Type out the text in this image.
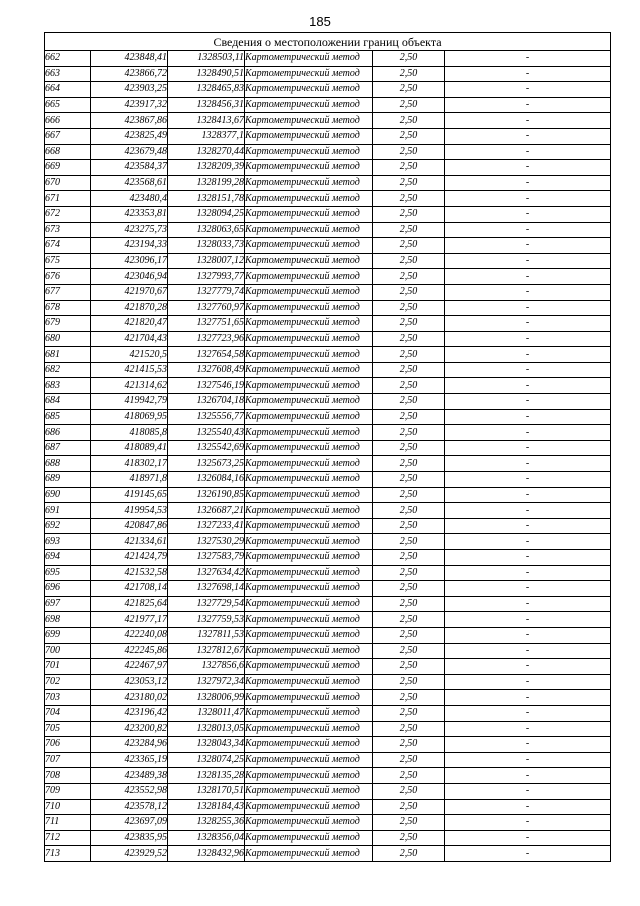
185
Сведения о местоположении границ объекта					
662	423848,41	1328503,11	Картометрический метод	2,50	-
663	423866,72	1328490,51	Картометрический метод	2,50	-
664	423903,25	1328465,83	Картометрический метод	2,50	-
665	423917,32	1328456,31	Картометрический метод	2,50	-
666	423867,86	1328413,67	Картометрический метод	2,50	-
667	423825,49	1328377,1	Картометрический метод	2,50	-
668	423679,48	1328270,44	Картометрический метод	2,50	-
669	423584,37	1328209,39	Картометрический метод	2,50	-
670	423568,61	1328199,28	Картометрический метод	2,50	-
671	423480,4	1328151,78	Картометрический метод	2,50	-
672	423353,81	1328094,25	Картометрический метод	2,50	-
673	423275,73	1328063,65	Картометрический метод	2,50	-
674	423194,33	1328033,73	Картометрический метод	2,50	-
675	423096,17	1328007,12	Картометрический метод	2,50	-
676	423046,94	1327993,77	Картометрический метод	2,50	-
677	421970,67	1327779,74	Картометрический метод	2,50	-
678	421870,28	1327760,97	Картометрический метод	2,50	-
679	421820,47	1327751,65	Картометрический метод	2,50	-
680	421704,43	1327723,96	Картометрический метод	2,50	-
681	421520,5	1327654,58	Картометрический метод	2,50	-
682	421415,53	1327608,49	Картометрический метод	2,50	-
683	421314,62	1327546,19	Картометрический метод	2,50	-
684	419942,79	1326704,18	Картометрический метод	2,50	-
685	418069,95	1325556,77	Картометрический метод	2,50	-
686	418085,8	1325540,43	Картометрический метод	2,50	-
687	418089,41	1325542,69	Картометрический метод	2,50	-
688	418302,17	1325673,25	Картометрический метод	2,50	-
689	418971,8	1326084,16	Картометрический метод	2,50	-
690	419145,65	1326190,85	Картометрический метод	2,50	-
691	419954,53	1326687,21	Картометрический метод	2,50	-
692	420847,86	1327233,41	Картометрический метод	2,50	-
693	421334,61	1327530,29	Картометрический метод	2,50	-
694	421424,79	1327583,79	Картометрический метод	2,50	-
695	421532,58	1327634,42	Картометрический метод	2,50	-
696	421708,14	1327698,14	Картометрический метод	2,50	-
697	421825,64	1327729,54	Картометрический метод	2,50	-
698	421977,17	1327759,53	Картометрический метод	2,50	-
699	422240,08	1327811,53	Картометрический метод	2,50	-
700	422245,86	1327812,67	Картометрический метод	2,50	-
701	422467,97	1327856,6	Картометрический метод	2,50	-
702	423053,12	1327972,34	Картометрический метод	2,50	-
703	423180,02	1328006,99	Картометрический метод	2,50	-
704	423196,42	1328011,47	Картометрический метод	2,50	-
705	423200,82	1328013,05	Картометрический метод	2,50	-
706	423284,96	1328043,34	Картометрический метод	2,50	-
707	423365,19	1328074,25	Картометрический метод	2,50	-
708	423489,38	1328135,28	Картометрический метод	2,50	-
709	423552,98	1328170,51	Картометрический метод	2,50	-
710	423578,12	1328184,43	Картометрический метод	2,50	-
711	423697,09	1328255,36	Картометрический метод	2,50	-
712	423835,95	1328356,04	Картометрический метод	2,50	-
713	423929,52	1328432,96	Картометрический метод	2,50	-
